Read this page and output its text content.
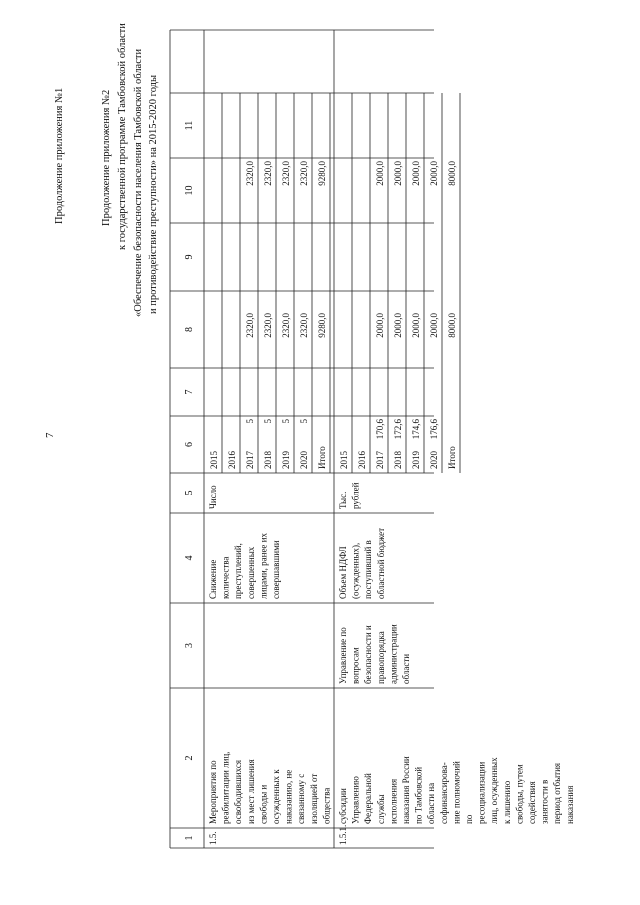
Продолжение приложения №1
7
Продолжение приложения №2 к государственной программе Тамбовской области «Обеспечение безопасности населения Тамбовской области и противодействие преступности» на 2015-2020 годы
1
2
3
4
5
6
7
8
9
10
11
2015 2016 2017
5
2320,0
2320,0
2018
5
2320,0
2320,0
2019
5
2320,0
2320,0
2020
5
2320,0
2320,0
Итого
9280,0
9280,0
1.5.
Мероприятия по реабилитации лиц, освободившихся из мест лишения свободы и осужденных к наказанию, не связанному с изоляцией от общества
Снижение количества преступлений, совершенных лицами, ранее их совершавшими
Число
2015 2016 2017
170,6
2000,0
2000,0
2018
172,6
2000,0
2000,0
2019
174,6
2000,0
2000,0
2020
176,6
2000,0
2000,0
Итого
8000,0
8000,0
1.5.1.
субсидии Управлению Федеральной службы исполнения наказания России по Тамбовской области на софинансирова- ние полномочий по ресоциализации лиц, осужденных к лишению свободы, путем содействия занятости в период отбытия наказания
Управление по вопросам безопасности и правопорядка администрации области
Объем НДФЛ (осужденных), поступивший в областной бюджет
Тыс. рублей
